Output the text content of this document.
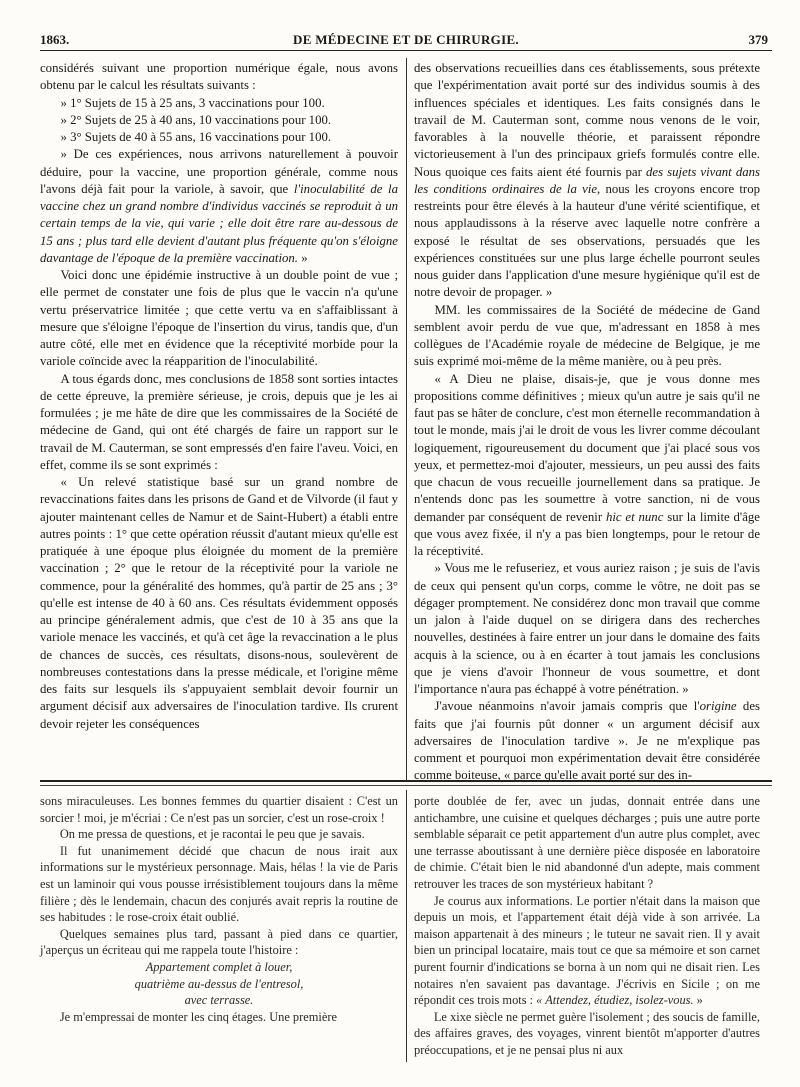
1863.	DE MÉDECINE ET DE CHIRURGIE.	379

considérés suivant une proportion numérique égale, nous avons obtenu par le calcul les résultats suivants :

» 1° Sujets de 15 à 25 ans, 3 vaccinations pour 100.

» 2° Sujets de 25 à 40 ans, 10 vaccinations pour 100.

» 3° Sujets de 40 à 55 ans, 16 vaccinations pour 100.

» De ces expériences, nous arrivons naturellement à pouvoir déduire, pour la vaccine, une proportion générale, comme nous l'avons déjà fait pour la variole, à savoir, que l'inoculabilité de la vaccine chez un grand nombre d'individus vaccinés se reproduit à un certain temps de la vie, qui varie ; elle doit être rare au-dessous de 15 ans ; plus tard elle devient d'autant plus fréquente qu'on s'éloigne davantage de l'époque de la première vaccination. »

Voici donc une épidémie instructive à un double point de vue ; elle permet de constater une fois de plus que le vaccin n'a qu'une vertu préservatrice limitée ; que cette vertu va en s'affaiblissant à mesure que s'éloigne l'époque de l'insertion du virus, tandis que, d'un autre côté, elle met en évidence que la réceptivité morbide pour la variole coïncide avec la réapparition de l'inoculabilité.

A tous égards donc, mes conclusions de 1858 sont sorties intactes de cette épreuve, la première sérieuse, je crois, depuis que je les ai formulées ; je me hâte de dire que les commissaires de la Société de médecine de Gand, qui ont été chargés de faire un rapport sur le travail de M. Cauterman, se sont empressés d'en faire l'aveu. Voici, en effet, comme ils se sont exprimés :

« Un relevé statistique basé sur un grand nombre de revaccinations faites dans les prisons de Gand et de Vilvorde (il faut y ajouter maintenant celles de Namur et de Saint-Hubert) a établi entre autres points : 1° que cette opération réussit d'autant mieux qu'elle est pratiquée à une époque plus éloignée du moment de la première vaccination ; 2° que le retour de la réceptivité pour la variole ne commence, pour la généralité des hommes, qu'à partir de 25 ans ; 3° qu'elle est intense de 40 à 60 ans. Ces résultats évidemment opposés au principe généralement admis, que c'est de 10 à 35 ans que la variole menace les vaccinés, et qu'à cet âge la revaccination a le plus de chances de succès, ces résultats, disons-nous, soulevèrent de nombreuses contestations dans la presse médicale, et l'origine même des faits sur lesquels ils s'appuyaient semblait devoir fournir un argument décisif aux adversaires de l'inoculation tardive. Ils crurent devoir rejeter les conséquences

des observations recueillies dans ces établissements, sous prétexte que l'expérimentation avait porté sur des individus soumis à des influences spéciales et identiques. Les faits consignés dans le travail de M. Cauterman sont, comme nous venons de le voir, favorables à la nouvelle théorie, et paraissent répondre victorieusement à l'un des principaux griefs formulés contre elle. Nous quoique ces faits aient été fournis par des sujets vivant dans les conditions ordinaires de la vie, nous les croyons encore trop restreints pour être élevés à la hauteur d'une vérité scientifique, et nous applaudissons à la réserve avec laquelle notre confrère a exposé le résultat de ses observations, persuadés que les expériences constituées sur une plus large échelle pourront seules nous guider dans l'application d'une mesure hygiénique qu'il est de notre devoir de propager. »

MM. les commissaires de la Société de médecine de Gand semblent avoir perdu de vue que, m'adressant en 1858 à mes collègues de l'Académie royale de médecine de Belgique, je me suis exprimé moi-même de la même manière, ou à peu près.

« A Dieu ne plaise, disais-je, que je vous donne mes propositions comme définitives ; mieux qu'un autre je sais qu'il ne faut pas se hâter de conclure, c'est mon éternelle recommandation à tout le monde, mais j'ai le droit de vous les livrer comme découlant logiquement, rigoureusement du document que j'ai placé sous vos yeux, et permettez-moi d'ajouter, messieurs, un peu aussi des faits que chacun de vous recueille journellement dans sa pratique. Je n'entends donc pas les soumettre à votre sanction, ni de vous demander par conséquent de revenir hic et nunc sur la limite d'âge que vous avez fixée, il n'y a pas bien longtemps, pour le retour de la réceptivité.

» Vous me le refuseriez, et vous auriez raison ; je suis de l'avis de ceux qui pensent qu'un corps, comme le vôtre, ne doit pas se dégager promptement. Ne considérez donc mon travail que comme un jalon à l'aide duquel on se dirigera dans des recherches nouvelles, destinées à faire entrer un jour dans le domaine des faits acquis à la science, ou à en écarter à tout jamais les conclusions que je viens d'avoir l'honneur de vous soumettre, et dont l'importance n'aura pas échappé à votre pénétration. »

J'avoue néanmoins n'avoir jamais compris que l'origine des faits que j'ai fournis pût donner « un argument décisif aux adversaires de l'inoculation tardive ». Je ne m'explique pas comment et pourquoi mon expérimentation devait être considérée comme boiteuse, « parce qu'elle avait porté sur des in-

sons miraculeuses. Les bonnes femmes du quartier disaient : C'est un sorcier ! moi, je m'écriai : Ce n'est pas un sorcier, c'est un rose-croix !

On me pressa de questions, et je racontai le peu que je savais.

Il fut unanimement décidé que chacun de nous irait aux informations sur le mystérieux personnage. Mais, hélas ! la vie de Paris est un laminoir qui vous pousse irrésistiblement toujours dans la même filière ; dès le lendemain, chacun des conjurés avait repris la routine de ses habitudes : le rose-croix était oublié.

Quelques semaines plus tard, passant à pied dans ce quartier, j'aperçus un écriteau qui me rappela toute l'histoire :

Appartement complet à louer,

quatrième au-dessus de l'entresol,

avec terrasse.

Je m'empressai de monter les cinq étages. Une première

porte doublée de fer, avec un judas, donnait entrée dans une antichambre, une cuisine et quelques décharges ; puis une autre porte semblable séparait ce petit appartement d'un autre plus complet, avec une terrasse aboutissant à une dernière pièce disposée en laboratoire de chimie. C'était bien le nid abandonné d'un adepte, mais comment retrouver les traces de son mystérieux habitant ?

Je courus aux informations. Le portier n'était dans la maison que depuis un mois, et l'appartement était déjà vide à son arrivée. La maison appartenait à des mineurs ; le tuteur ne savait rien. Il y avait bien un principal locataire, mais tout ce que sa mémoire et son carnet purent fournir d'indications se borna à un nom qui ne disait rien. Les notaires n'en savaient pas davantage. J'écrivis en Sicile ; on me répondit ces trois mots : « Attendez, étudiez, isolez-vous. »

Le xixe siècle ne permet guère l'isolement ; des soucis de famille, des affaires graves, des voyages, vinrent bientôt m'apporter d'autres préoccupations, et je ne pensai plus ni aux
